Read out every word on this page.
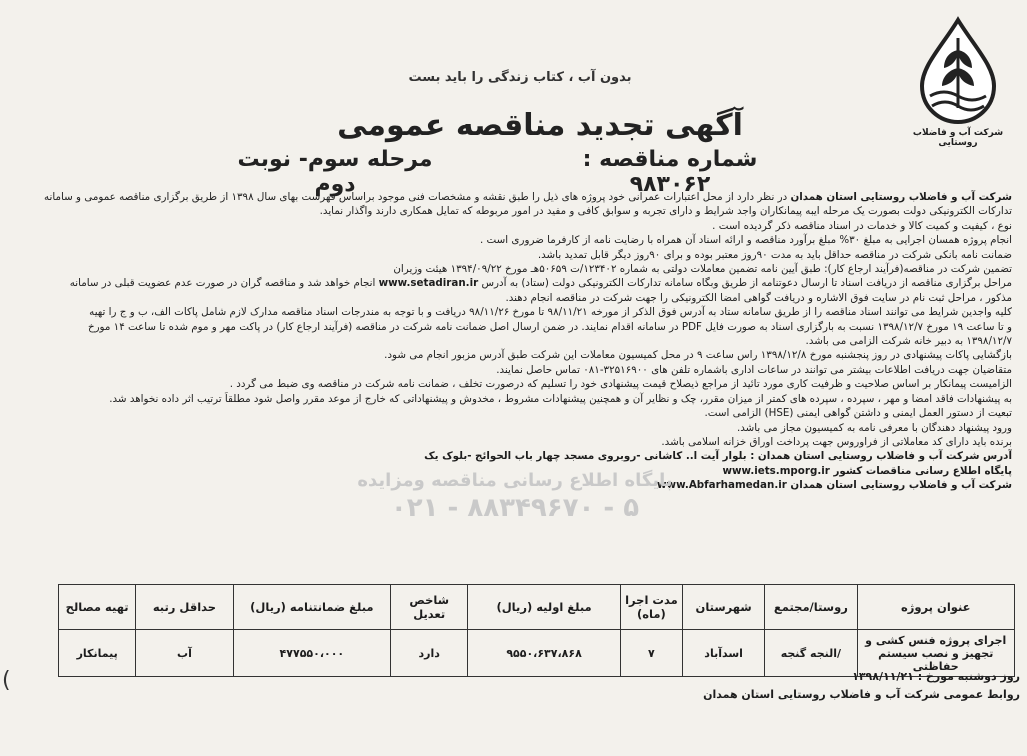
شرکت آب و فاضلاب روستایی
بدون آب ، کتاب زندگی را باید بست
آگهی تجدید مناقصه عمومی
شماره مناقصه : ۹۸۳۰۶۲
مرحله سوم- نوبت دوم	شرکت آب و فاضلاب روستایی استان همدان در نظر دارد از محل اعتبارات عمرانی خود پروژه های ذیل را طبق نقشه و مشخصات فنی موجود براساس فهرست بهای سال ۱۳۹۸ از طریق برگزاری مناقصه عمومی و سامانه

تدارکات الکترونیکی دولت بصورت یک مرحله ایبه پیمانکاران واجد شرایط و دارای تجربه و سوابق کافی و مفید در امور مربوطه که تمایل همکاری دارند واگذار نماید.

نوع ، کیفیت و کمیت کالا و خدمات در اسناد مناقصه ذکر گردیده است .

انجام پروژه همسان اجرایی به مبلغ ۳۰% مبلغ برآورد مناقصه و ارائه اسناد آن همراه با رضایت نامه از کارفرما ضروری است .

ضمانت نامه بانکی شرکت در مناقصه حداقل باید به مدت ۹۰روز معتبر بوده و برای ۹۰روز دیگر قابل تمدید باشد.

تضمین شرکت در مناقصه(فرآیند ارجاع کار): طبق آیین نامه تضمین معاملات دولتی به شماره ۱۲۳۴۰۲/ت ۵۰۶۵۹هـ مورخ ۱۳۹۴/۰۹/۲۲ هیئت وزیران

مراحل برگزاری مناقصه از دریافت اسناد تا ارسال دعوتنامه از طریق وبگاه سامانه تدارکات الکترونیکی دولت (ستاد) به آدرس www.setadiran.ir انجام خواهد شد و مناقصه گران در صورت عدم عضویت قبلی در سامانه

مذکور ، مراحل ثبت نام در سایت فوق الاشاره و دریافت گواهی امضا الکترونیکی را جهت شرکت در مناقصه انجام دهند.

کلیه واجدین شرایط می توانند اسناد مناقصه را از طریق سامانه ستاد به آدرس فوق الذکر از مورخه ۹۸/۱۱/۲۱ تا مورخ ۹۸/۱۱/۲۶ دریافت و با توجه به مندرجات اسناد مناقصه مدارک لازم شامل پاکات الف، ب و ج را تهیه

و تا ساعت ۱۹ مورخ ۱۳۹۸/۱۲/۷ نسبت به بارگزاری اسناد به صورت فایل PDF در سامانه اقدام نمایند. در ضمن ارسال اصل ضمانت نامه شرکت در مناقصه (فرآیند ارجاع کار) در پاکت مهر و موم شده تا ساعت ۱۴ مورخ

۱۳۹۸/۱۲/۷ به دبیر خانه شرکت الزامی می باشد.

بازگشایی پاکات پیشنهادی در روز پنجشنبه مورخ ۱۳۹۸/۱۲/۸ راس ساعت ۹ در محل کمیسیون معاملات این شرکت طبق آدرس مزبور انجام می شود.

متقاضیان جهت دریافت اطلاعات بیشتر می توانند در ساعات اداری باشماره تلفن های ۳۲۵۱۶۹۰۰-۰۸۱ تماس حاصل نمایند.

الزامیست پیمانکار بر اساس صلاحیت و ظرفیت کاری مورد تائید از مراجع ذیصلاح قیمت پیشنهادی خود را تسلیم که درصورت تخلف ، ضمانت نامه شرکت در مناقصه وی ضبط می گردد .

به پیشنهادات فاقد امضا و مهر ، سپرده ، سپرده های کمتر از میزان مقرر، چک و نظایر آن و همچنین پیشنهادات مشروط ، مخدوش و پیشنهاداتی که خارج از موعد مقرر واصل شود مطلقاً ترتیب اثر داده نخواهد شد.

تبعیت از دستور العمل ایمنی و داشتن گواهی ایمنی (HSE) الزامی است.

ورود پیشنهاد دهندگان با معرفی نامه به کمیسیون مجاز می باشد.

برنده باید دارای کد معاملاتی از فراوروس جهت پرداخت اوراق خزانه اسلامی باشد.

آدرس شرکت آب و فاضلاب روستایی استان همدان : بلوار آیت ا.. کاشانی -روبروی مسجد چهار باب الحوائج -بلوک یک

پایگاه اطلاع رسانی مناقصات کشور www.iets.mporg.ir

شرکت آب و فاضلاب روستایی استان همدان www.Abfarhamedan.ir

پایگاه اطلاع رسانی مناقصه ومزایده
۰۲۱ - ۸۸۳۴۹۶۷۰ - ۵
عنوان پروژه	روستا/مجتمع	شهرستان	مدت اجرا (ماه)	مبلغ اولیه (ریال)	شاخص تعدیل	مبلغ ضمانتنامه (ریال)	حداقل رتبه	تهیه مصالح
اجرای پروژه فنس کشی و تجهیز و نصب سیستم حفاظتی	/النجه گنجه	اسدآباد	۷	۹۵۵۰،۶۳۷،۸۶۸	دارد	۴۷۷۵۵۰،۰۰۰	آب	پیمانکار
روز دوشنبه مورخ : ۱۳۹۸/۱۱/۲۱
روابط عمومی شرکت آب و فاضلاب روستایی استان همدان
(
